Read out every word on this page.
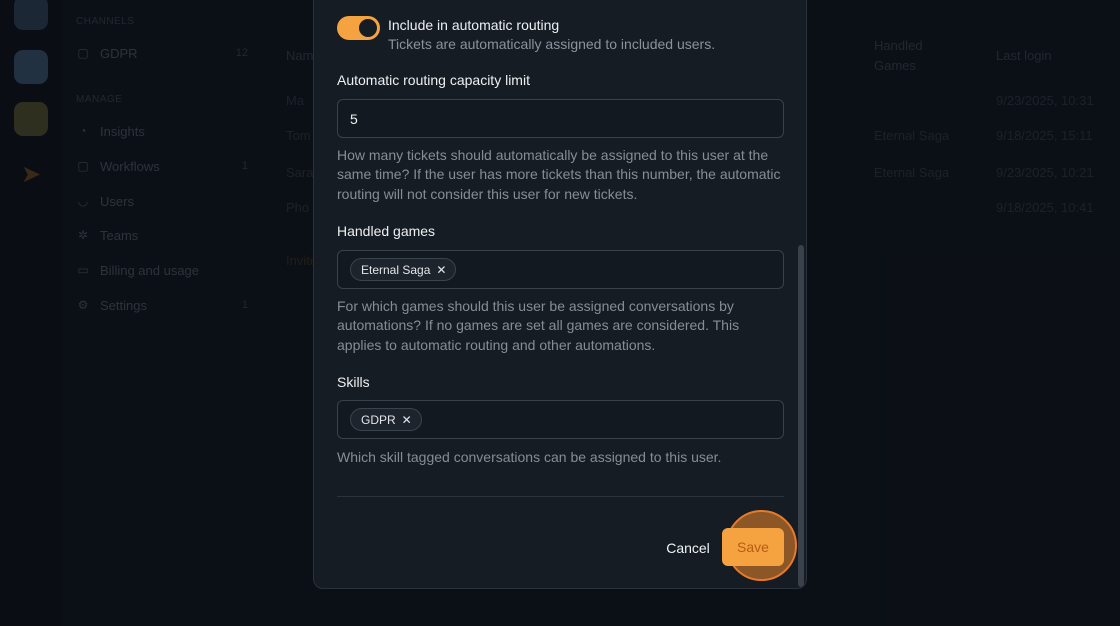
Include in automatic routing
Tickets are automatically assigned to included users.
Automatic routing capacity limit
5
How many tickets should automatically be assigned to this user at the same time? If the user has more tickets than this number, the automatic routing will not consider this user for new tickets.
Handled games
Eternal Saga ✕
For which games should this user be assigned conversations by automations? If no games are set all games are considered. This applies to automatic routing and other automations.
Skills
GDPR ✕
Which skill tagged conversations can be assigned to this user.
Cancel	Save
